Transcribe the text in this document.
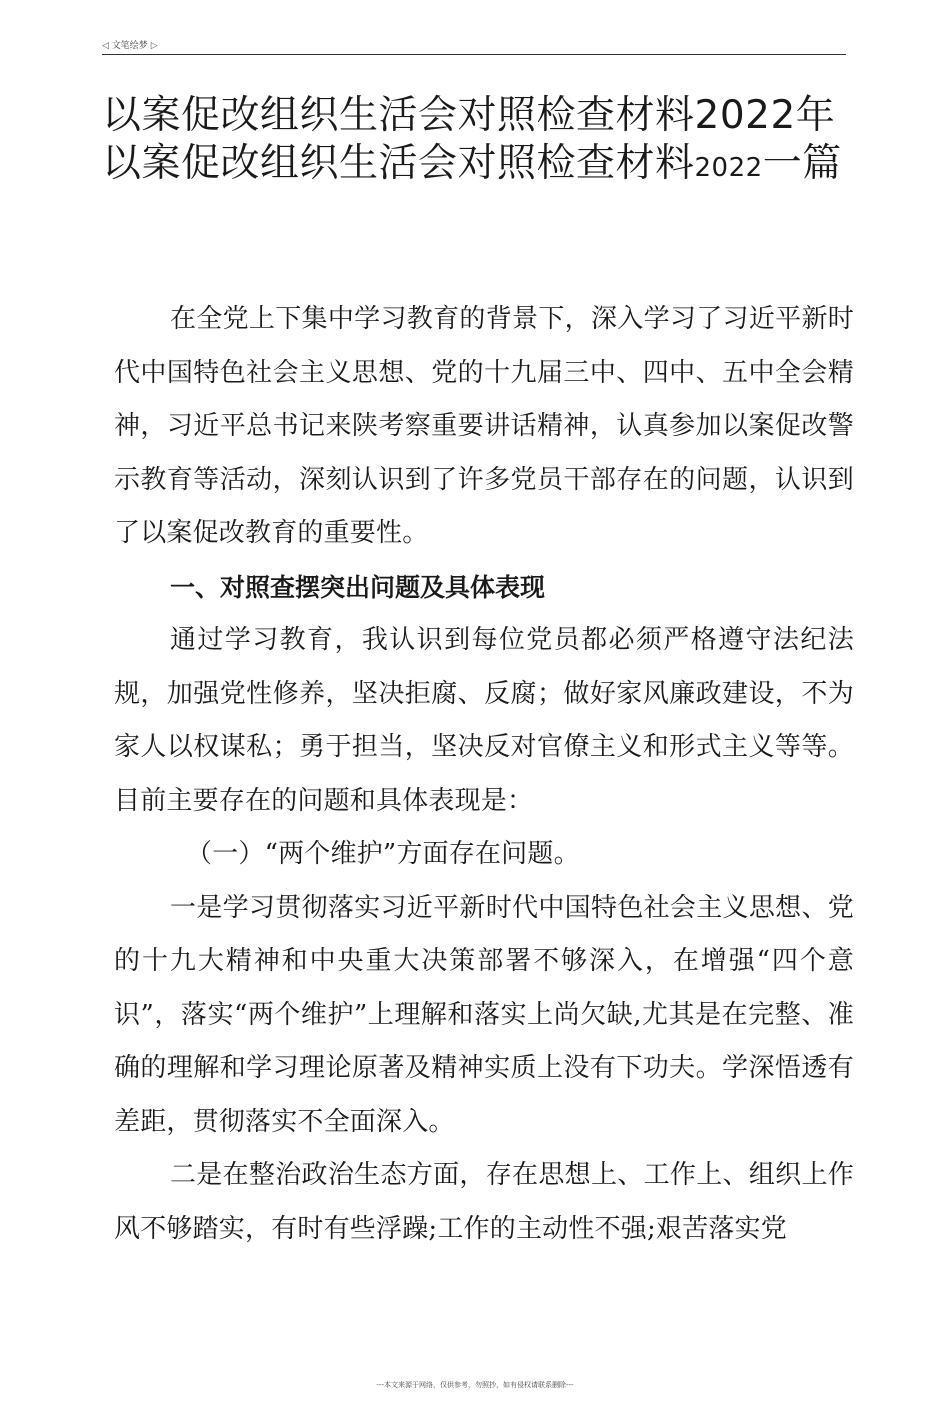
◁ 文笔绘梦 ▷

以案促改组织生活会对照检查材料2022年

以案促改组织生活会对照检查材料2022一篇

在全党上下集中学习教育的背景下，深入学习了习近平新时代中国特色社会主义思想、党的十九届三中、四中、五中全会精神，习近平总书记来陕考察重要讲话精神，认真参加以案促改警示教育等活动，深刻认识到了许多党员干部存在的问题，认识到了以案促改教育的重要性。

一、对照查摆突出问题及具体表现

通过学习教育，我认识到每位党员都必须严格遵守法纪法规，加强党性修养，坚决拒腐、反腐；做好家风廉政建设，不为家人以权谋私；勇于担当，坚决反对官僚主义和形式主义等等。目前主要存在的问题和具体表现是：

（一）“两个维护”方面存在问题。

一是学习贯彻落实习近平新时代中国特色社会主义思想、党的十九大精神和中央重大决策部署不够深入，在增强“四个意识”，落实“两个维护”上理解和落实上尚欠缺,尤其是在完整、准确的理解和学习理论原著及精神实质上没有下功夫。学深悟透有差距，贯彻落实不全面深入。

二是在整治政治生态方面，存在思想上、工作上、组织上作风不够踏实，有时有些浮躁;工作的主动性不强;艰苦落实党

---本文来源于网络，仅供参考，勿照抄，如有侵权请联系删除---
